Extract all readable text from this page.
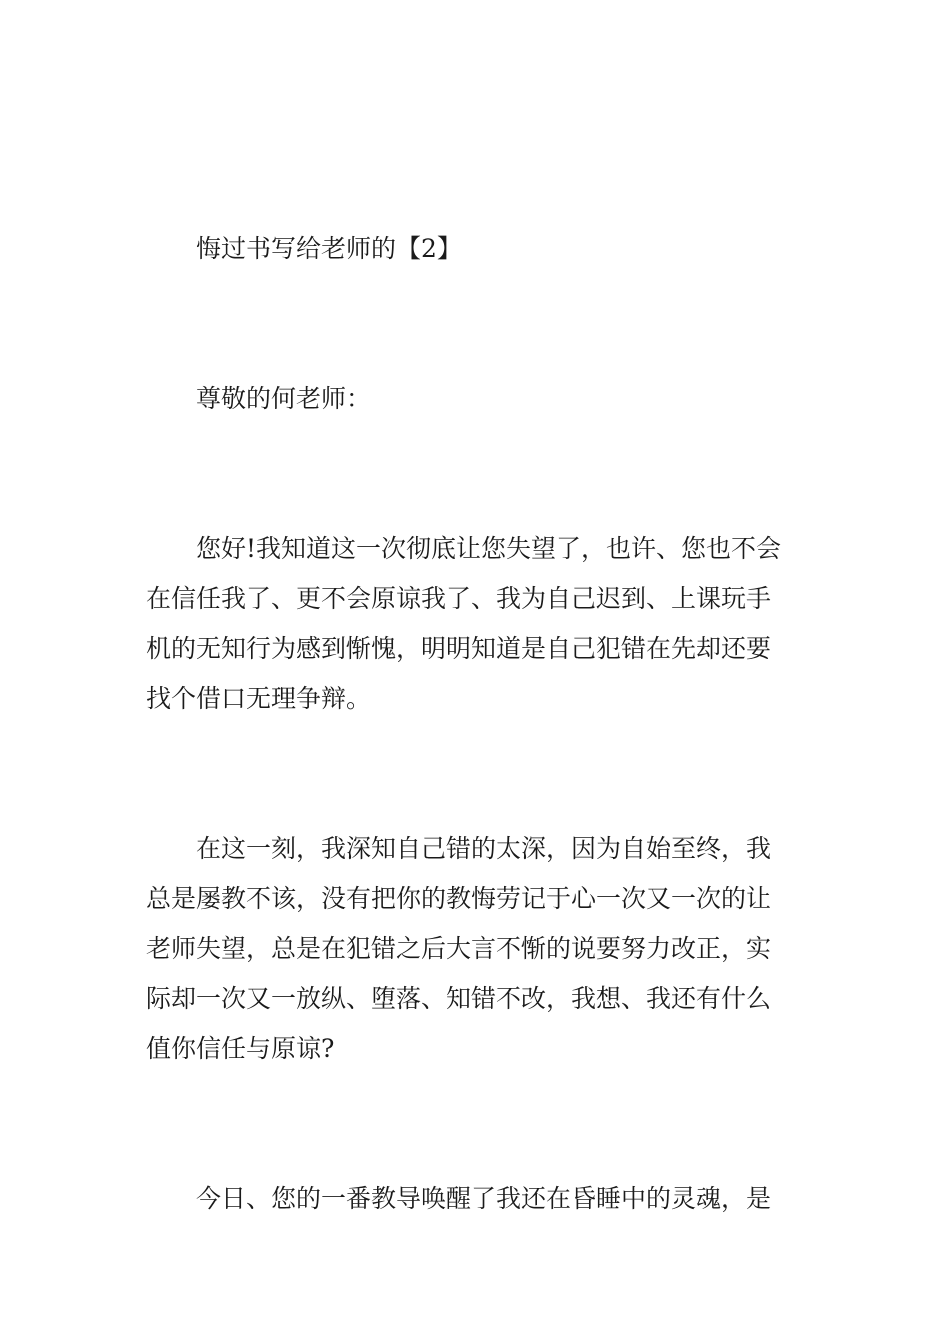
悔过书写给老师的【2】

尊敬的何老师：

您好!我知道这一次彻底让您失望了，也许、您也不会

在信任我了、更不会原谅我了、我为自己迟到、上课玩手

机的无知行为感到惭愧，明明知道是自己犯错在先却还要

找个借口无理争辩。

在这一刻，我深知自己错的太深，因为自始至终，我

总是屡教不该，没有把你的教悔劳记于心一次又一次的让

老师失望，总是在犯错之后大言不惭的说要努力改正，实

际却一次又一放纵、堕落、知错不改，我想、我还有什么

值你信任与原谅?

今日、您的一番教导唤醒了我还在昏睡中的灵魂，是
